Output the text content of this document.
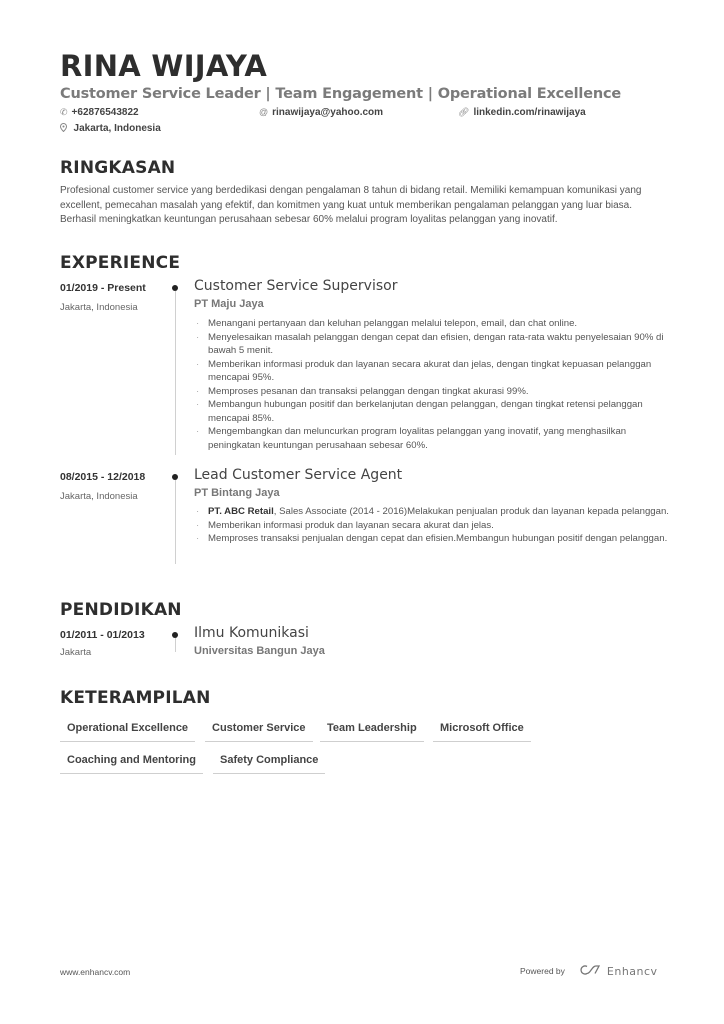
RINA WIJAYA
Customer Service Leader | Team Engagement | Operational Excellence
✆ +62876543822	@ rinawijaya@yahoo.com	🔗︎ linkedin.com/rinawijaya
Jakarta, Indonesia
RINGKASAN
Profesional customer service yang berdedikasi dengan pengalaman 8 tahun di bidang retail. Memiliki kemampuan komunikasi yang excellent, pemecahan masalah yang efektif, dan komitmen yang kuat untuk memberikan pengalaman pelanggan yang luar biasa. Berhasil meningkatkan keuntungan perusahaan sebesar 60% melalui program loyalitas pelanggan yang inovatif.
EXPERIENCE
01/2019 - Present
Jakarta, Indonesia
Customer Service Supervisor
PT Maju Jaya
· Menangani pertanyaan dan keluhan pelanggan melalui telepon, email, dan chat online.
· Menyelesaikan masalah pelanggan dengan cepat dan efisien, dengan rata-rata waktu penyelesaian 90% di bawah 5 menit.
· Memberikan informasi produk dan layanan secara akurat dan jelas, dengan tingkat kepuasan pelanggan mencapai 95%.
· Memproses pesanan dan transaksi pelanggan dengan tingkat akurasi 99%.
· Membangun hubungan positif dan berkelanjutan dengan pelanggan, dengan tingkat retensi pelanggan mencapai 85%.
· Mengembangkan dan meluncurkan program loyalitas pelanggan yang inovatif, yang menghasilkan peningkatan keuntungan perusahaan sebesar 60%.
08/2015 - 12/2018
Jakarta, Indonesia
Lead Customer Service Agent
PT Bintang Jaya
· PT. ABC Retail, Sales Associate (2014 - 2016)Melakukan penjualan produk dan layanan kepada pelanggan.
· Memberikan informasi produk dan layanan secara akurat dan jelas.
· Memproses transaksi penjualan dengan cepat dan efisien.Membangun hubungan positif dengan pelanggan.
PENDIDIKAN
01/2011 - 01/2013
Jakarta
Ilmu Komunikasi
Universitas Bangun Jaya
KETERAMPILAN
Operational Excellence	Customer Service	Team Leadership	Microsoft Office
Coaching and Mentoring	Safety Compliance
www.enhancv.com	Powered by	Enhancv
